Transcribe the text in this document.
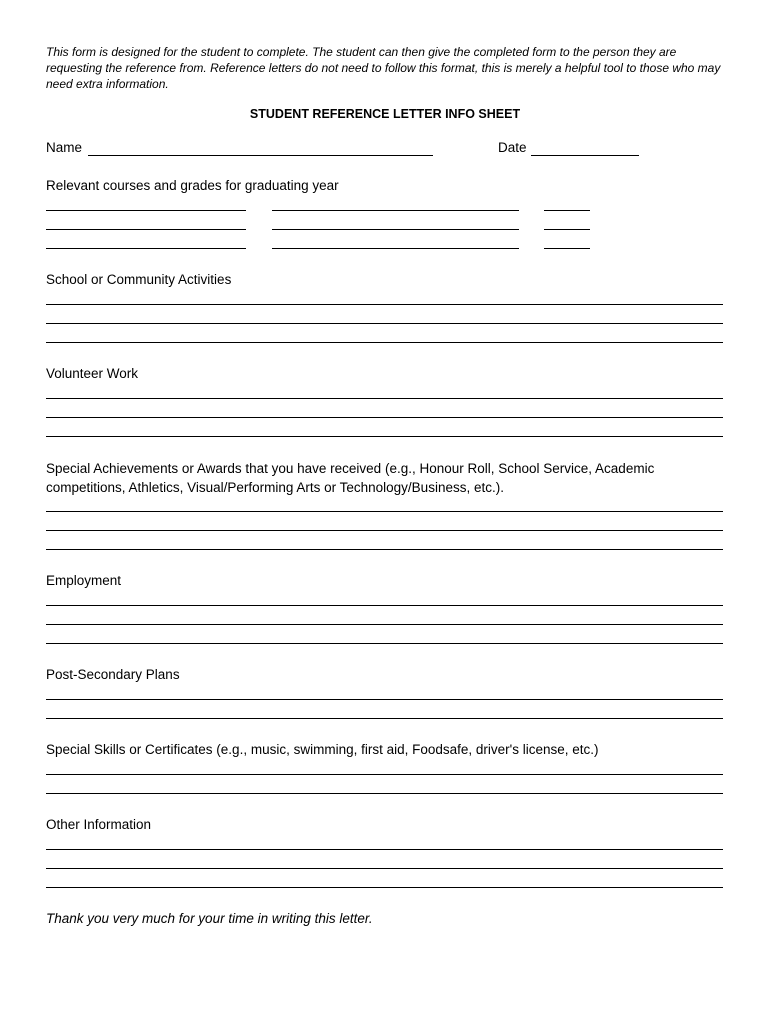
This form is designed for the student to complete. The student can then give the completed form to the person they are requesting the reference from. Reference letters do not need to follow this format, this is merely a helpful tool to those who may need extra information.
STUDENT REFERENCE LETTER INFO SHEET
Name	Date
Relevant courses and grades for graduating year
School or Community Activities
Volunteer Work
Special Achievements or Awards that you have received (e.g., Honour Roll, School Service, Academic competitions, Athletics, Visual/Performing Arts or Technology/Business, etc.).
Employment
Post-Secondary Plans
Special Skills or Certificates (e.g., music, swimming, first aid, Foodsafe, driver's license, etc.)
Other Information
Thank you very much for your time in writing this letter.
